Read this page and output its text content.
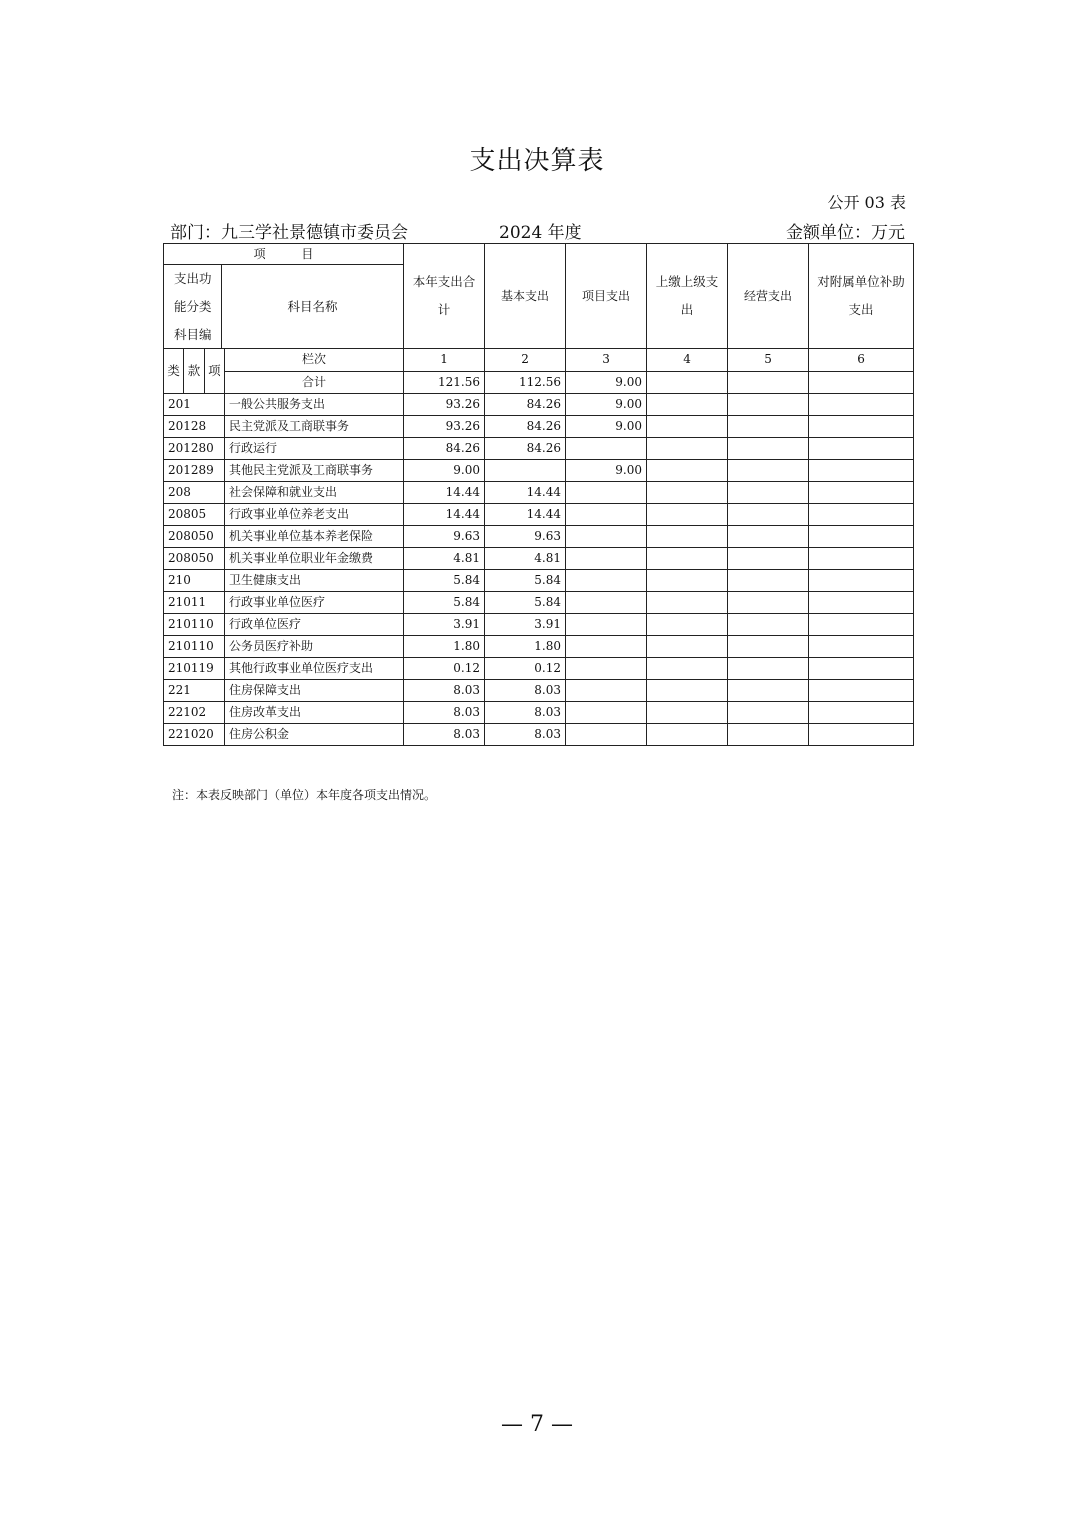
支出决算表
公开 03 表
部门：九三学社景德镇市委员会	2024 年度	金额单位：万元
项 目
支出功能分类科目编
科目名称		本年支出合计	基本支出	项目支出	上缴上级支出	经营支出	对附属单位补助支出

类 款 项	栏次	1	2	3	4	5	6
	合计	121.56	112.56	9.00			
201	一般公共服务支出	93.26	84.26	9.00			
20128	民主党派及工商联事务	93.26	84.26	9.00			
201280	行政运行	84.26	84.26				
201289	其他民主党派及工商联事务	9.00		9.00			
208	社会保障和就业支出	14.44	14.44				
20805	行政事业单位养老支出	14.44	14.44				
208050	机关事业单位基本养老保险	9.63	9.63				
208050	机关事业单位职业年金缴费	4.81	4.81				
210	卫生健康支出	5.84	5.84				
21011	行政事业单位医疗	5.84	5.84				
210110	行政单位医疗	3.91	3.91				
210110	公务员医疗补助	1.80	1.80				
210119	其他行政事业单位医疗支出	0.12	0.12				
221	住房保障支出	8.03	8.03				
22102	住房改革支出	8.03	8.03				
221020	住房公积金	8.03	8.03				
注：本表反映部门（单位）本年度各项支出情况。
— 7 —
